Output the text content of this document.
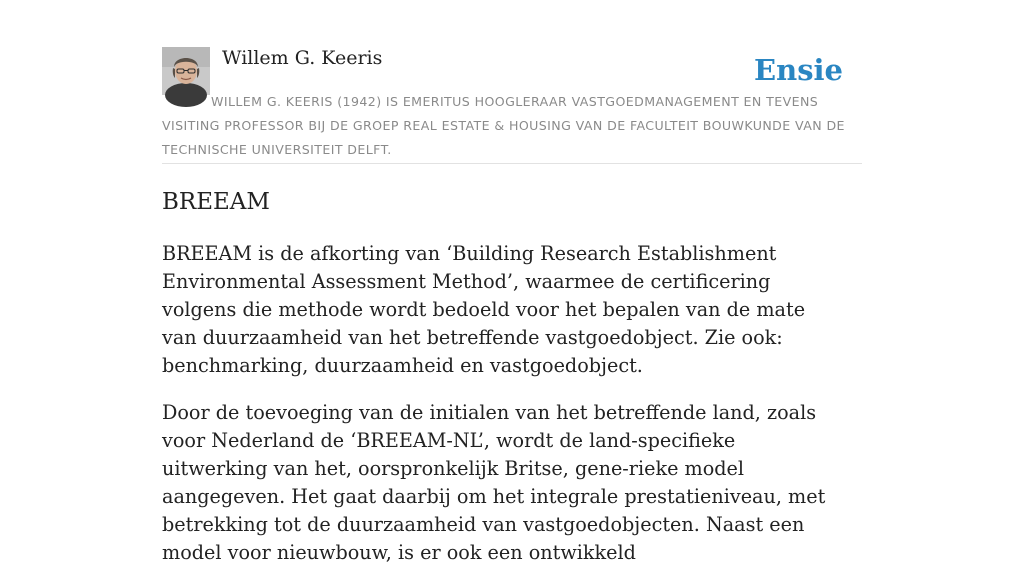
Willem G. Keeris	Ensie
WILLEM G. KEERIS (1942) IS EMERITUS HOOGLERAAR VASTGOEDMANAGEMENT EN TEVENS VISITING PROFESSOR BIJ DE GROEP REAL ESTATE & HOUSING VAN DE FACULTEIT BOUWKUNDE VAN DE TECHNISCHE UNIVERSITEIT DELFT.
BREEAM

BREEAM is de afkorting van ‘Building Research Establishment Environmental Assessment Method’, waarmee de certificering volgens die methode wordt bedoeld voor het bepalen van de mate van duurzaamheid van het betreffende vastgoedobject. Zie ook: benchmarking, duurzaamheid en vastgoedobject.

Door de toevoeging van de initialen van het betreffende land, zoals voor Nederland de ‘BREEAM-NL’, wordt de land-specifieke uitwerking van het, oorspronkelijk Britse, gene-rieke model aangegeven. Het gaat daarbij om het integrale prestatieniveau, met betrekking tot de duurzaamheid van vastgoedobjecten. Naast een model voor nieuwbouw, is er ook een ontwikkeld
